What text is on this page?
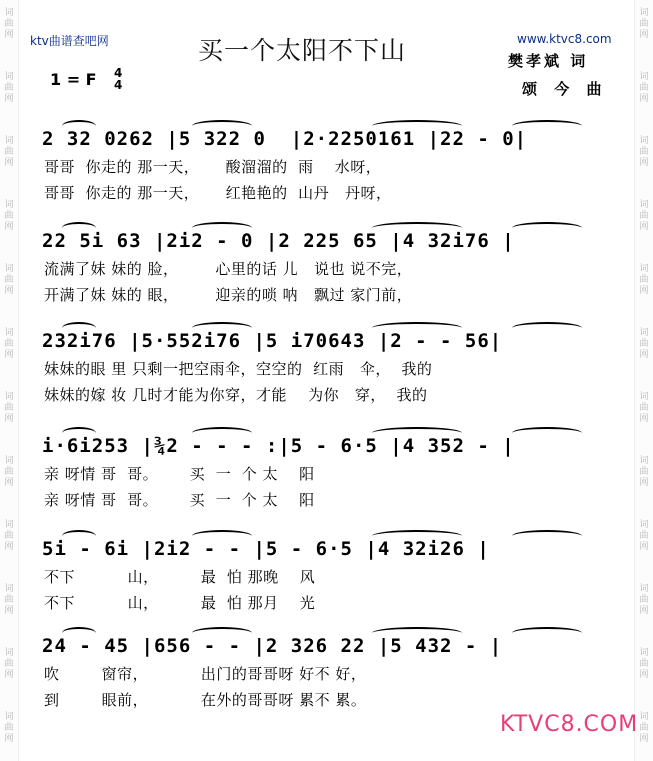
词
曲
网
词
曲
网
词
曲
网
词
曲
网
词
曲
网
词
曲
网
词
曲
网
词
曲
网
词
曲
网
词
曲
网
词
曲
网
词
曲
网
词
曲
网
词
曲
网
词
曲
网
词
曲
网
词
曲
网
词
曲
网
词
曲
网
词
曲
网
词
曲
网
词
曲
网
词
曲
网
词
曲
网
ktv曲谱查吧网	买一个太阳不下山	www.ktvc8.com
樊孝斌 词
颂 今 曲
1 = F 4
4
2 32 0262 |5 322 0  |2·2250161 |22 - 0|
哥哥  你走的 那一天，     酸溜溜的  雨    水呀，
哥哥  你走的 那一天，     红艳艳的  山丹   丹呀，
22 5i 63 |2i2 - 0 |2 225 65 |4 32i76 |
流满了妹 妹的 脸，       心里的话 儿   说也 说不完，
开满了妹 妹的 眼，       迎亲的唢 呐   飘过 家门前，
232i76 |5·552i76 |5 i70643 |2 - - 56|
妹妹的眼 里 只剩一把空雨伞，空空的  红雨   伞，  我的
妹妹的嫁 妆 几时才能为你穿，才能    为你   穿，  我的
i·6i253 |¾2 - - - :|5 - 6·5 |4 352 - |
亲 呀情 哥  哥。      买  一  个 太    阳
亲 呀情 哥  哥。      买  一  个 太    阳
5i - 6i |2i2 - - |5 - 6·5 |4 32i26 |
不下          山，        最  怕 那晚    风
不下          山，        最  怕 那月    光
24 - 45 |656 - - |2 326 22 |5 432 - |
吹        窗帘，          出门的哥哥呀 好不 好，
到        眼前，          在外的哥哥呀 累不 累。
KTVC8.COM
